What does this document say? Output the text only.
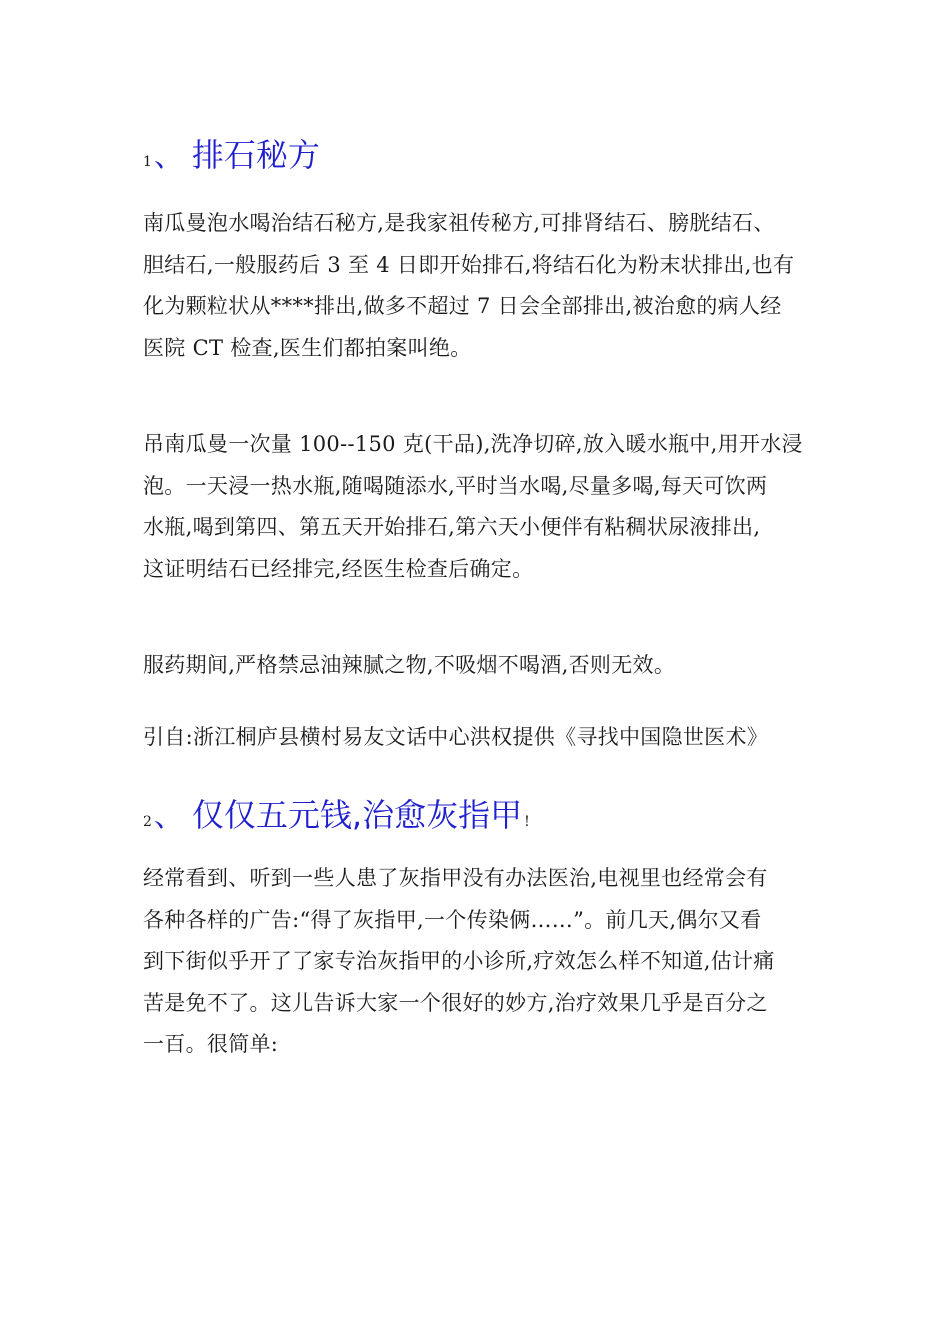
1、 排石秘方
南瓜曼泡水喝治结石秘方,是我家祖传秘方,可排肾结石、膀胱结石、
胆结石,一般服药后 3 至 4 日即开始排石,将结石化为粉末状排出,也有
化为颗粒状从****排出,做多不超过 7 日会全部排出,被治愈的病人经
医院 CT 检查,医生们都拍案叫绝。
吊南瓜曼一次量 100--150 克(干品),洗净切碎,放入暖水瓶中,用开水浸
泡。一天浸一热水瓶,随喝随添水,平时当水喝,尽量多喝,每天可饮两
水瓶,喝到第四、第五天开始排石,第六天小便伴有粘稠状尿液排出,
这证明结石已经排完,经医生检查后确定。
服药期间,严格禁忌油辣腻之物,不吸烟不喝酒,否则无效。
引自:浙江桐庐县横村易友文话中心洪权提供《寻找中国隐世医术》
2、 仅仅五元钱,治愈灰指甲 !
经常看到、听到一些人患了灰指甲没有办法医治,电视里也经常会有
各种各样的广告:“得了灰指甲,一个传染俩……”。前几天,偶尔又看
到下街似乎开了了家专治灰指甲的小诊所,疗效怎么样不知道,估计痛
苦是免不了。这儿告诉大家一个很好的妙方,治疗效果几乎是百分之
一百。很简单:
